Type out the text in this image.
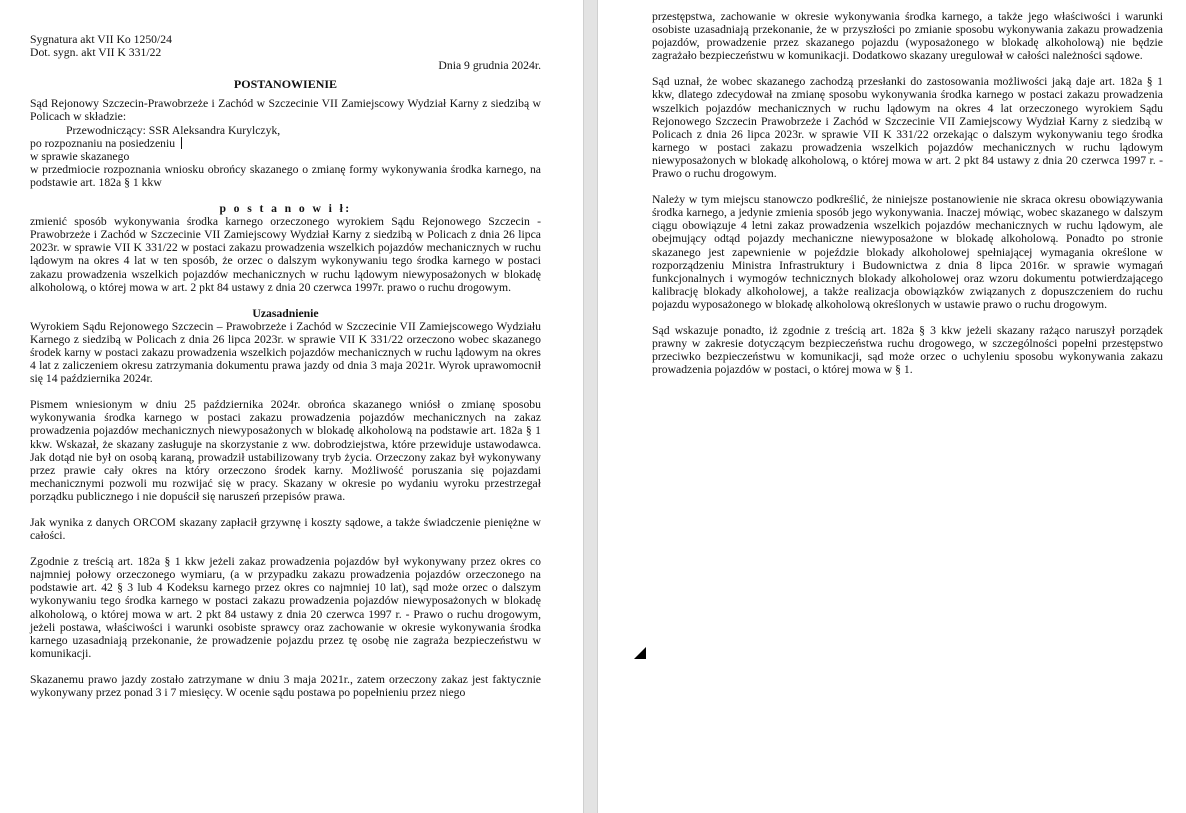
Sygnatura akt VII Ko 1250/24

Dot. sygn. akt VII K 331/22

Dnia 9 grudnia 2024r.

POSTANOWIENIE

Sąd Rejonowy Szczecin-Prawobrzeże i Zachód w Szczecinie VII Zamiejscowy Wydział Karny z siedzibą w Policach w składzie:

Przewodniczący: SSR Aleksandra Kurylczyk,

po rozpoznaniu na posiedzeniu

w sprawie skazanego

w przedmiocie rozpoznania wniosku obrońcy skazanego o zmianę formy wykonywania środka karnego, na podstawie art. 182a § 1 kkw

p o s t a n o w i ł:

zmienić sposób wykonywania środka karnego orzeczonego wyrokiem Sądu Rejonowego Szczecin - Prawobrzeże i Zachód w Szczecinie VII Zamiejscowy Wydział Karny z siedzibą w Policach z dnia 26 lipca 2023r. w sprawie VII K 331/22 w postaci zakazu prowadzenia wszelkich pojazdów mechanicznych w ruchu lądowym na okres 4 lat w ten sposób, że orzec o dalszym wykonywaniu tego środka karnego w postaci zakazu prowadzenia wszelkich pojazdów mechanicznych w ruchu lądowym niewyposażonych w blokadę alkoholową, o której mowa w art. 2 pkt 84 ustawy z dnia 20 czerwca 1997r. prawo o ruchu drogowym.

Uzasadnienie

Wyrokiem Sądu Rejonowego Szczecin – Prawobrzeże i Zachód w Szczecinie VII Zamiejscowego Wydziału Karnego z siedzibą w Policach z dnia 26 lipca 2023r. w sprawie VII K 331/22 orzeczono wobec skazanego środek karny w postaci zakazu prowadzenia wszelkich pojazdów mechanicznych w ruchu lądowym na okres 4 lat z zaliczeniem okresu zatrzymania dokumentu prawa jazdy od dnia 3 maja 2021r. Wyrok uprawomocnił się 14 października 2024r.

Pismem wniesionym w dniu 25 października 2024r. obrońca skazanego wniósł o zmianę sposobu wykonywania środka karnego w postaci zakazu prowadzenia pojazdów mechanicznych na zakaz prowadzenia pojazdów mechanicznych niewyposażonych w blokadę alkoholową na podstawie art. 182a § 1 kkw. Wskazał, że skazany zasługuje na skorzystanie z ww. dobrodziejstwa, które przewiduje ustawodawca. Jak dotąd nie był on osobą karaną, prowadził ustabilizowany tryb życia. Orzeczony zakaz był wykonywany przez prawie cały okres na który orzeczono środek karny. Możliwość poruszania się pojazdami mechanicznymi pozwoli mu rozwijać się w pracy. Skazany w okresie po wydaniu wyroku przestrzegał porządku publicznego i nie dopuścił się naruszeń przepisów prawa.

Jak wynika z danych ORCOM skazany zapłacił grzywnę i koszty sądowe, a także świadczenie pieniężne w całości.

Zgodnie z treścią art. 182a § 1 kkw jeżeli zakaz prowadzenia pojazdów był wykonywany przez okres co najmniej połowy orzeczonego wymiaru, (a w przypadku zakazu prowadzenia pojazdów orzeczonego na podstawie art. 42 § 3 lub 4 Kodeksu karnego przez okres co najmniej 10 lat), sąd może orzec o dalszym wykonywaniu tego środka karnego w postaci zakazu prowadzenia pojazdów niewyposażonych w blokadę alkoholową, o której mowa w art. 2 pkt 84 ustawy z dnia 20 czerwca 1997 r. - Prawo o ruchu drogowym, jeżeli postawa, właściwości i warunki osobiste sprawcy oraz zachowanie w okresie wykonywania środka karnego uzasadniają przekonanie, że prowadzenie pojazdu przez tę osobę nie zagraża bezpieczeństwu w komunikacji.

Skazanemu prawo jazdy zostało zatrzymane w dniu 3 maja 2021r., zatem orzeczony zakaz jest faktycznie wykonywany przez ponad 3 i 7 miesięcy. W ocenie sądu postawa po popełnieniu przez niego

przestępstwa, zachowanie w okresie wykonywania środka karnego, a także jego właściwości i warunki osobiste uzasadniają przekonanie, że w przyszłości po zmianie sposobu wykonywania zakazu prowadzenia pojazdów, prowadzenie przez skazanego pojazdu (wyposażonego w blokadę alkoholową) nie będzie zagrażało bezpieczeństwu w komunikacji. Dodatkowo skazany uregulował w całości należności sądowe.

Sąd uznał, że wobec skazanego zachodzą przesłanki do zastosowania możliwości jaką daje art. 182a § 1 kkw, dlatego zdecydował na zmianę sposobu wykonywania środka karnego w postaci zakazu prowadzenia wszelkich pojazdów mechanicznych w ruchu lądowym na okres 4 lat orzeczonego wyrokiem Sądu Rejonowego Szczecin Prawobrzeże i Zachód w Szczecinie VII Zamiejscowy Wydział Karny z siedzibą w Policach z dnia 26 lipca 2023r. w sprawie VII K 331/22 orzekając o dalszym wykonywaniu tego środka karnego w postaci zakazu prowadzenia wszelkich pojazdów mechanicznych w ruchu lądowym niewyposażonych w blokadę alkoholową, o której mowa w art. 2 pkt 84 ustawy z dnia 20 czerwca 1997 r. - Prawo o ruchu drogowym.

Należy w tym miejscu stanowczo podkreślić, że niniejsze postanowienie nie skraca okresu obowiązywania środka karnego, a jedynie zmienia sposób jego wykonywania. Inaczej mówiąc, wobec skazanego w dalszym ciągu obowiązuje 4 letni zakaz prowadzenia wszelkich pojazdów mechanicznych w ruchu lądowym, ale obejmujący odtąd pojazdy mechaniczne niewyposażone w blokadę alkoholową. Ponadto po stronie skazanego jest zapewnienie w pojeździe blokady alkoholowej spełniającej wymagania określone w rozporządzeniu Ministra Infrastruktury i Budownictwa z dnia 8 lipca 2016r. w sprawie wymagań funkcjonalnych i wymogów technicznych blokady alkoholowej oraz wzoru dokumentu potwierdzającego kalibrację blokady alkoholowej, a także realizacja obowiązków związanych z dopuszczeniem do ruchu pojazdu wyposażonego w blokadę alkoholową określonych w ustawie prawo o ruchu drogowym.

Sąd wskazuje ponadto, iż zgodnie z treścią art. 182a § 3 kkw jeżeli skazany rażąco naruszył porządek prawny w zakresie dotyczącym bezpieczeństwa ruchu drogowego, w szczególności popełni przestępstwo przeciwko bezpieczeństwu w komunikacji, sąd może orzec o uchyleniu sposobu wykonywania zakazu prowadzenia pojazdów w postaci, o której mowa w § 1.
